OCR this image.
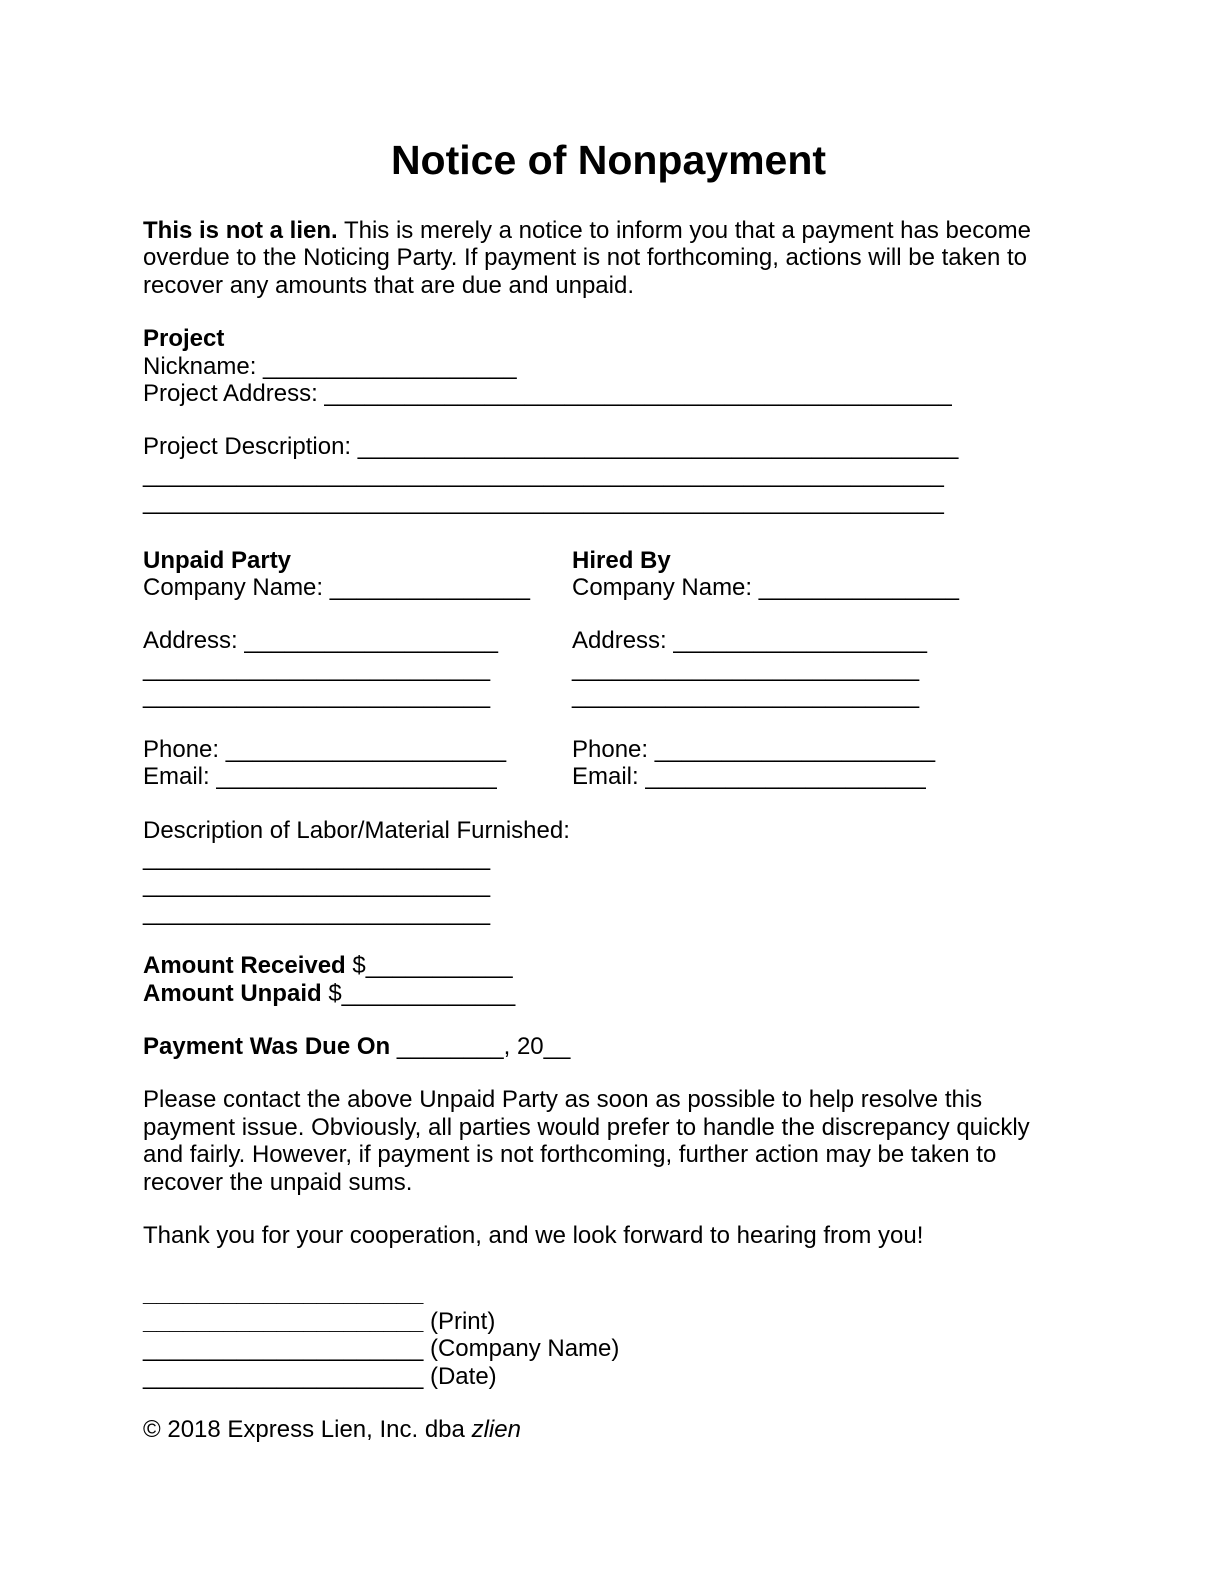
Notice of Nonpayment

This is not a lien. This is merely a notice to inform you that a payment has become overdue to the Noticing Party. If payment is not forthcoming, actions will be taken to recover any amounts that are due and unpaid.

Project

Nickname: ___________________

Project Address: _______________________________________________

Project Description: _____________________________________________

____________________________________________________________

____________________________________________________________

Unpaid Party

Company Name: _______________

Address: ___________________

__________________________

__________________________

Phone: _____________________

Email: _____________________

Hired By

Company Name: _______________

Address: ___________________

__________________________

__________________________

Phone: _____________________

Email: _____________________

Description of Labor/Material Furnished:

__________________________

__________________________

__________________________

Amount Received $___________

Amount Unpaid $_____________

Payment Was Due On ________, 20__

Please contact the above Unpaid Party as soon as possible to help resolve this payment issue. Obviously, all parties would prefer to handle the discrepancy quickly and fairly. However, if payment is not forthcoming, further action may be taken to recover the unpaid sums.

Thank you for your cooperation, and we look forward to hearing from you!

_____________________

_____________________ (Print)

_____________________ (Company Name)

_____________________ (Date)

© 2018 Express Lien, Inc. dba zlien
